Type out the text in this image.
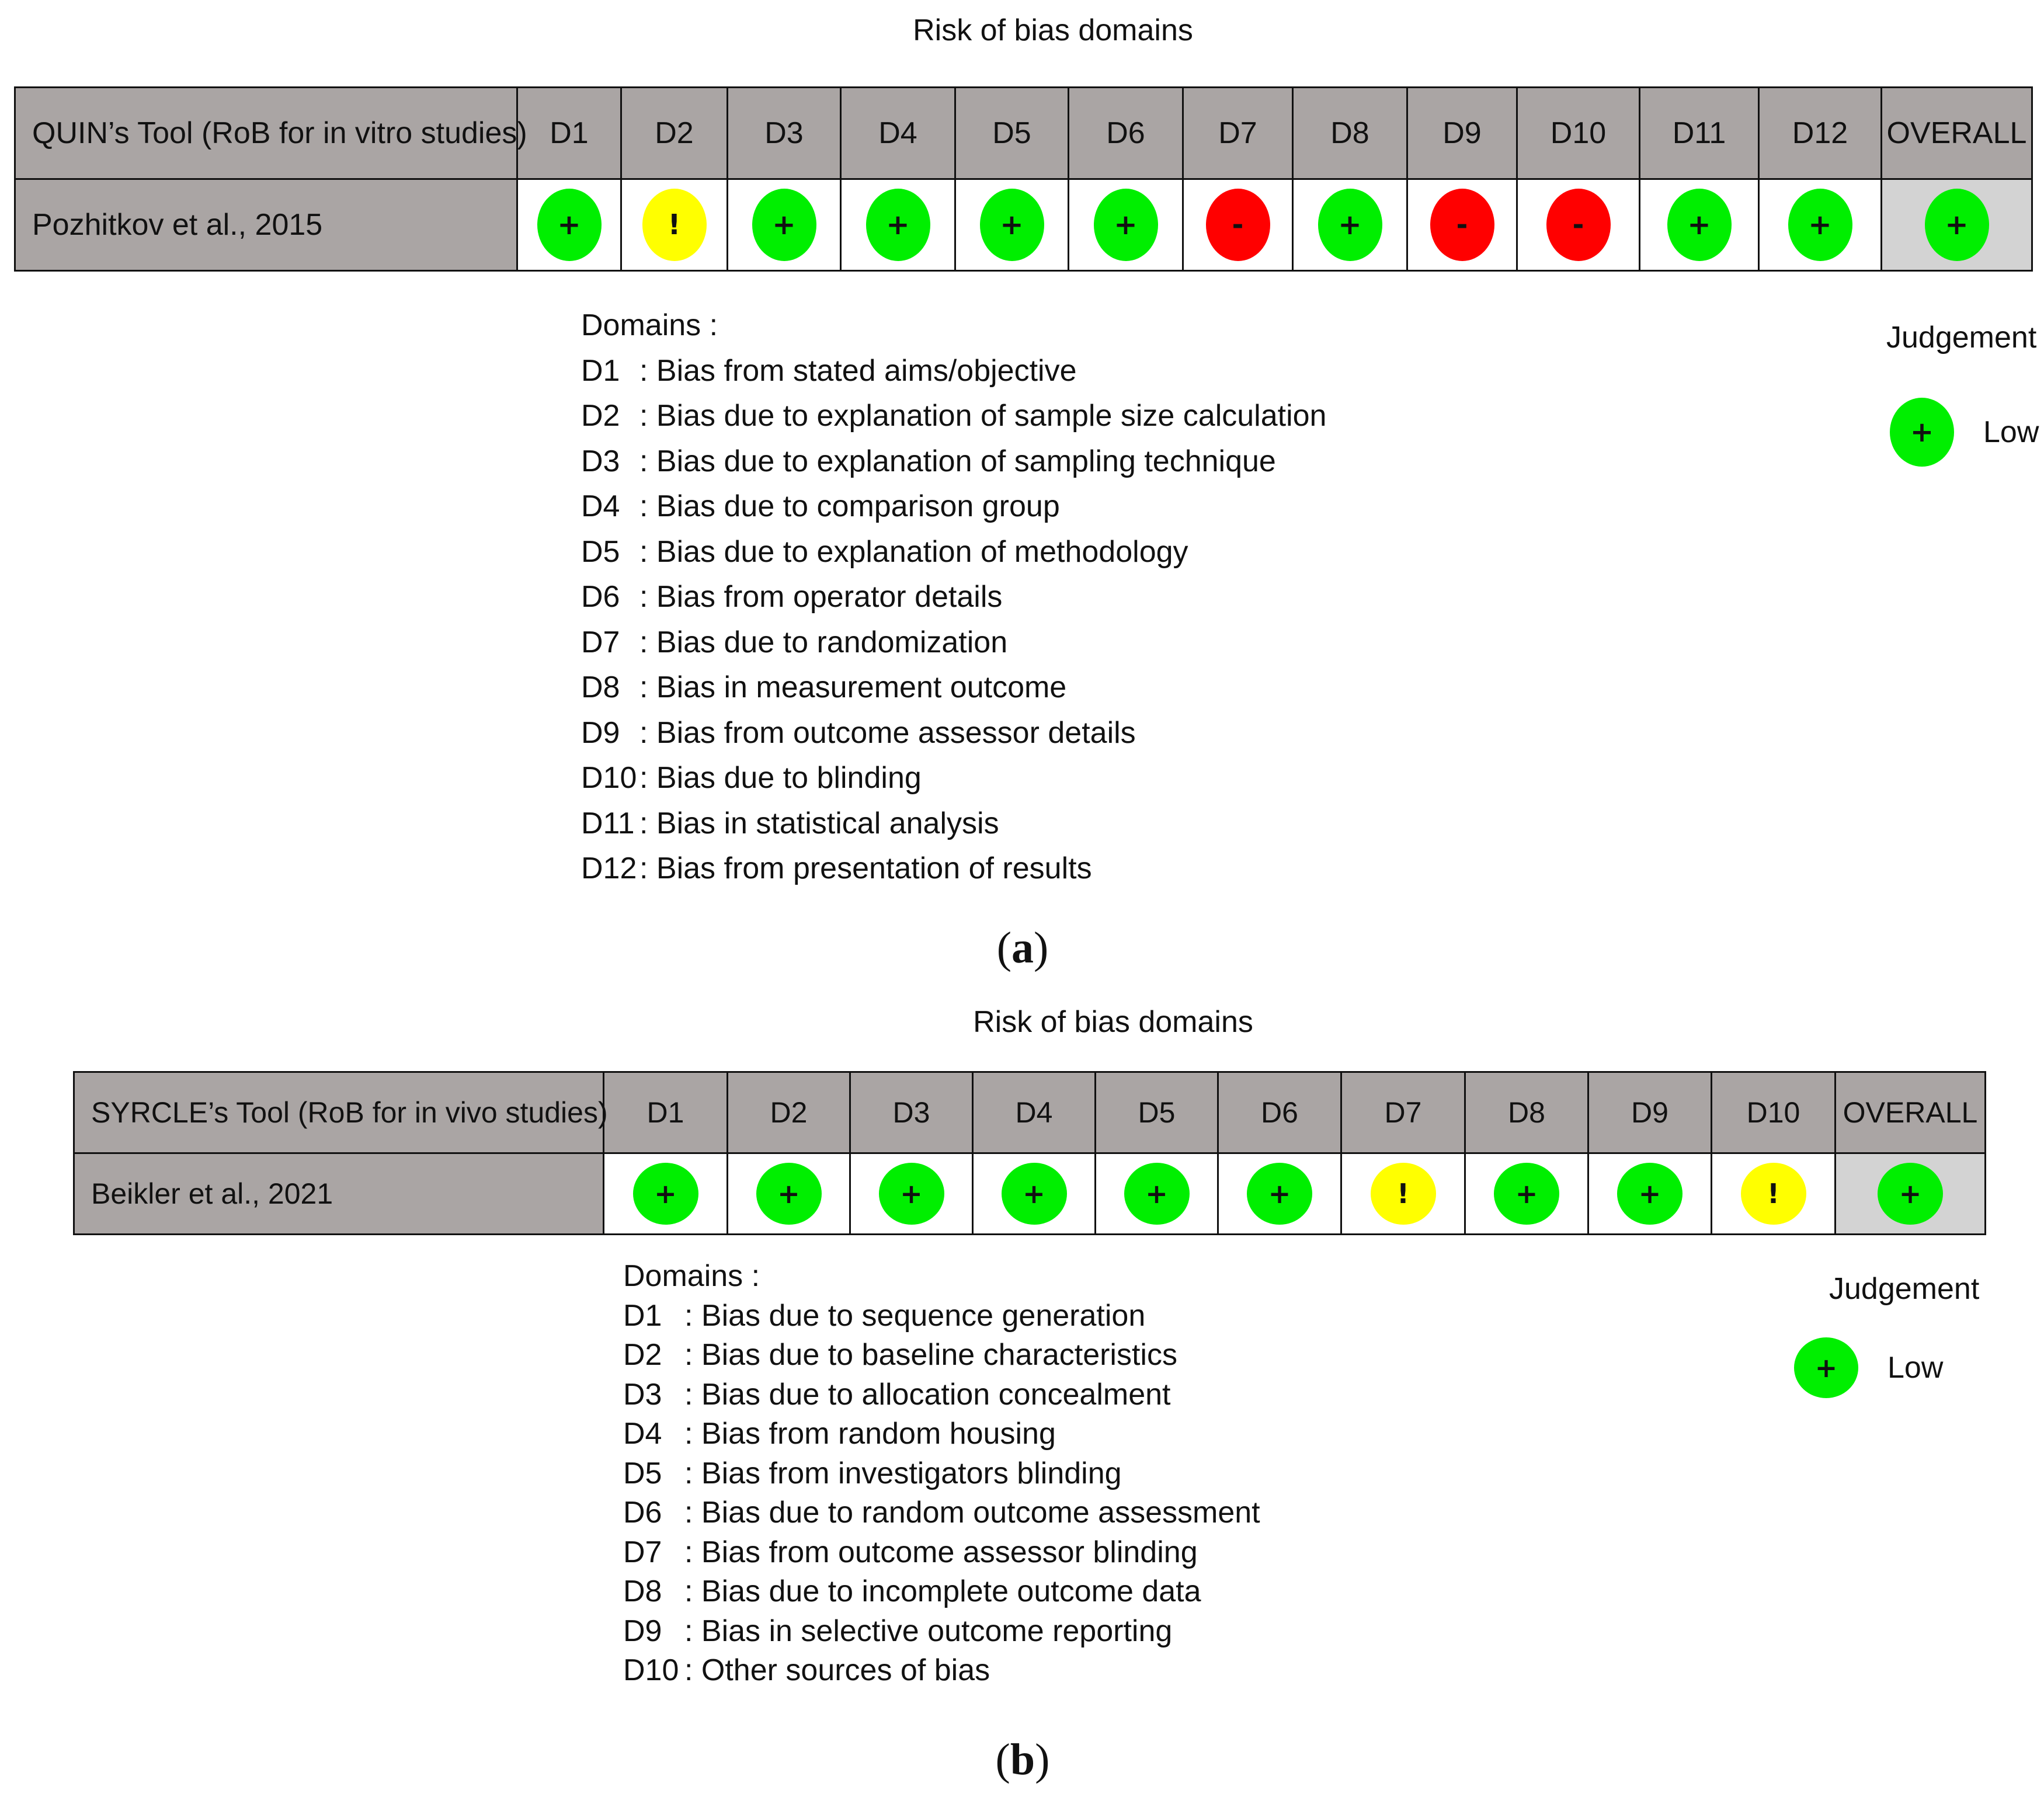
Risk of bias domains
QUIN’s Tool (RoB for in vitro studies)	D1	D2	D3	D4	D5	D6	D7	D8	D9	D10	D11	D12	OVERALL
Pozhitkov et al., 2015	+	!	+	+	+	+	-	+	-	-	+	+	+
Domains :
D1 : Bias from stated aims/objective
D2 : Bias due to explanation of sample size calculation
D3 : Bias due to explanation of sampling technique
D4 : Bias due to comparison group
D5 : Bias due to explanation of methodology
D6 : Bias from operator details
D7 : Bias due to randomization
D8 : Bias in measurement outcome
D9 : Bias from outcome assessor details
D10: Bias due to blinding
D11 : Bias in statistical analysis
D12: Bias from presentation of results
Judgement
+	Low
(a)
Risk of bias domains
SYRCLE’s Tool (RoB for in vivo studies)	D1	D2	D3	D4	D5	D6	D7	D8	D9	D10	OVERALL
Beikler et al., 2021	+	+	+	+	+	+	!	+	+	!	+
Domains :
D1 : Bias due to sequence generation
D2 : Bias due to baseline characteristics
D3 : Bias due to allocation concealment
D4 : Bias from random housing
D5 : Bias from investigators blinding
D6 : Bias due to random outcome assessment
D7 : Bias from outcome assessor blinding
D8 : Bias due to incomplete outcome data
D9 : Bias in selective outcome reporting
D10 : Other sources of bias
Judgement
+	Low
(b)
